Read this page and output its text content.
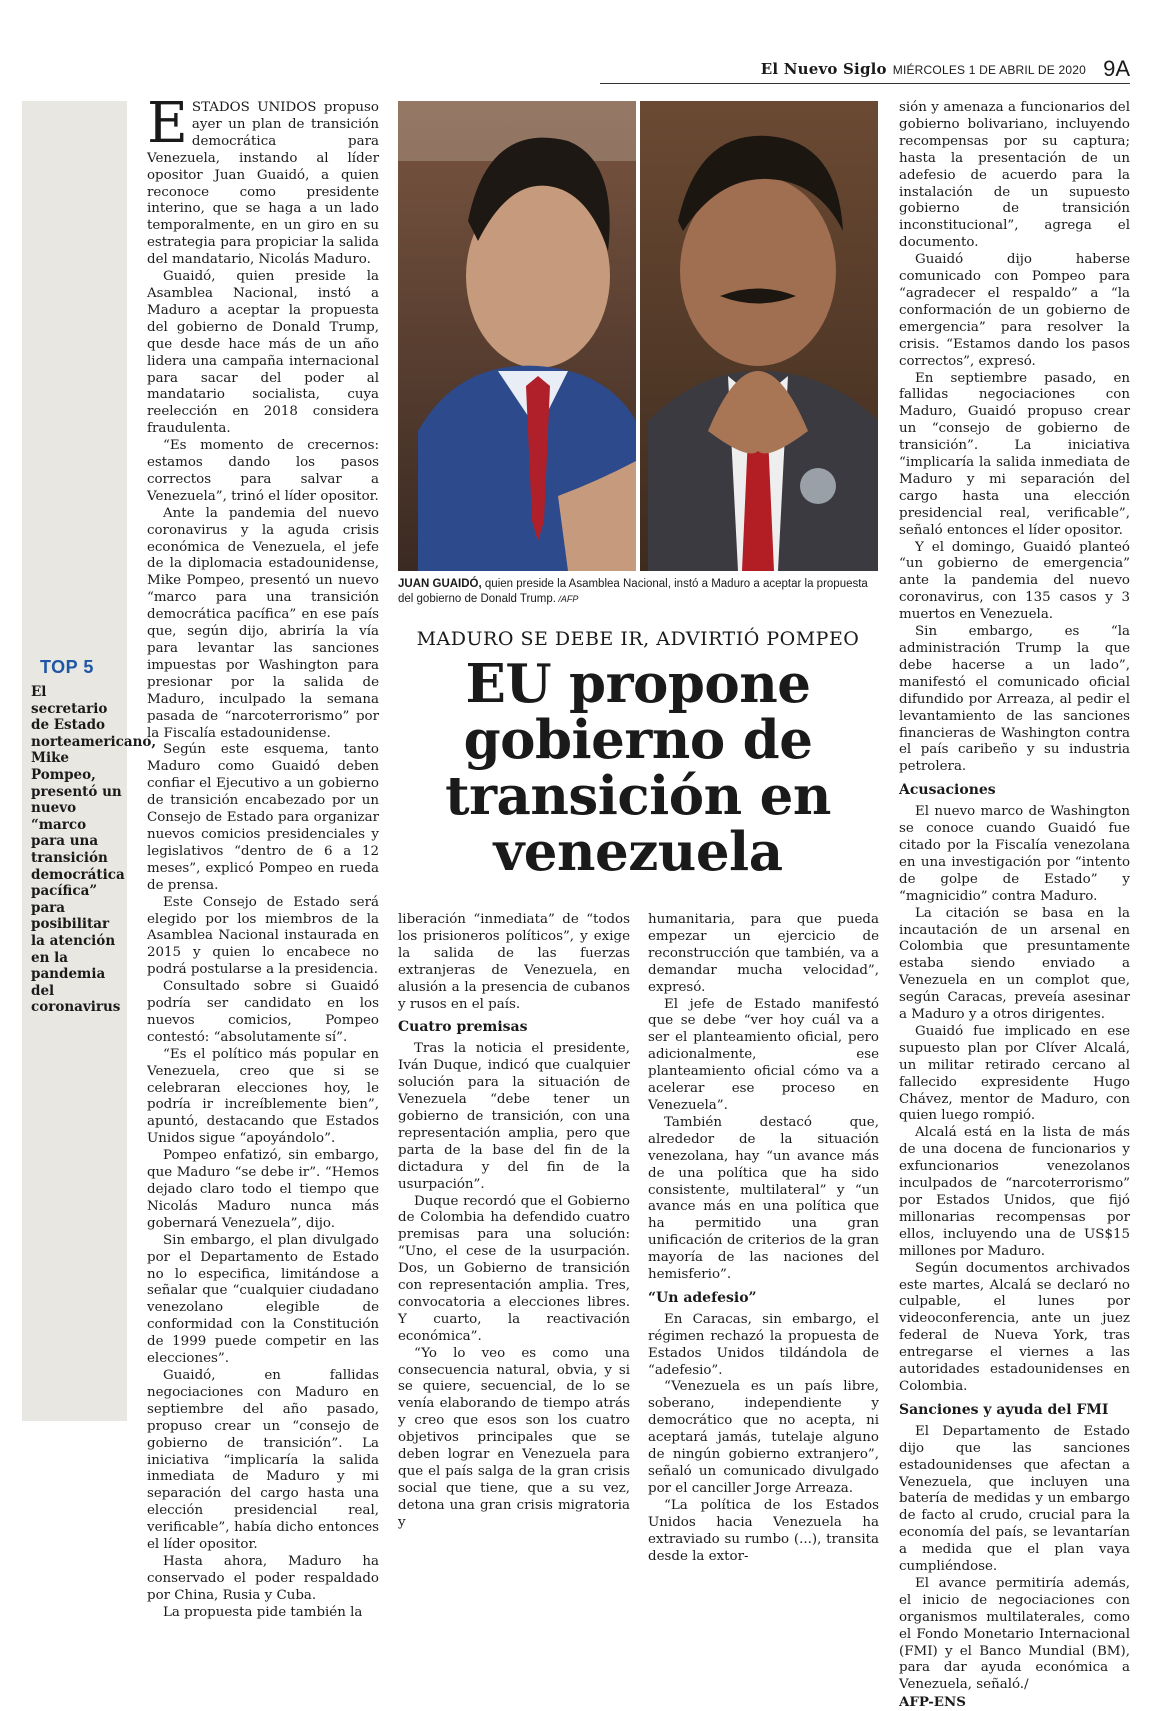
El Nuevo Siglo MIÉRCOLES 1 DE ABRIL DE 2020 9A
TOP 5
El secretario de Estado norteamericano, Mike Pompeo, presentó un nuevo “marco para una transición democrática pacífica” para posibilitar la atención en la pandemia del coronavirus
E STADOS UNIDOS propuso ayer un plan de transición democrática para Venezuela, instando al líder opositor Juan Guaidó, a quien reconoce como presidente interino, que se haga a un lado temporalmente, en un giro en su estrategia para propiciar la salida del mandatario, Nicolás Maduro.

Guaidó, quien preside la Asamblea Nacional, instó a Maduro a aceptar la propuesta del gobierno de Donald Trump, que desde hace más de un año lidera una campaña internacional para sacar del poder al mandatario socialista, cuya reelección en 2018 considera fraudulenta.

“Es momento de crecernos: estamos dando los pasos correctos para salvar a Venezuela”, trinó el líder opositor.

Ante la pandemia del nuevo coronavirus y la aguda crisis económica de Venezuela, el jefe de la diplomacia estadounidense, Mike Pompeo, presentó un nuevo “marco para una transición democrática pacífica” en ese país que, según dijo, abriría la vía para levantar las sanciones impuestas por Washington para presionar por la salida de Maduro, inculpado la semana pasada de “narcoterrorismo” por la Fiscalía estadounidense.

Según este esquema, tanto Maduro como Guaidó deben confiar el Ejecutivo a un gobierno de transición encabezado por un Consejo de Estado para organizar nuevos comicios presidenciales y legislativos “dentro de 6 a 12 meses”, explicó Pompeo en rueda de prensa.

Este Consejo de Estado será elegido por los miembros de la Asamblea Nacional instaurada en 2015 y quien lo encabece no podrá postularse a la presidencia.

Consultado sobre si Guaidó podría ser candidato en los nuevos comicios, Pompeo contestó: “absolutamente sí”.

“Es el político más popular en Venezuela, creo que si se celebraran elecciones hoy, le podría ir increíblemente bien”, apuntó, destacando que Estados Unidos sigue “apoyándolo”.

Pompeo enfatizó, sin embargo, que Maduro “se debe ir”. “Hemos dejado claro todo el tiempo que Nicolás Maduro nunca más gobernará Venezuela”, dijo.

Sin embargo, el plan divulgado por el Departamento de Estado no lo especifica, limitándose a señalar que “cualquier ciudadano venezolano elegible de conformidad con la Constitución de 1999 puede competir en las elecciones”.

Guaidó, en fallidas negociaciones con Maduro en septiembre del año pasado, propuso crear un “consejo de gobierno de transición”. La iniciativa “implicaría la salida inmediata de Maduro y mi separación del cargo hasta una elección presidencial real, verificable”, había dicho entonces el líder opositor.

Hasta ahora, Maduro ha conservado el poder respaldado por China, Rusia y Cuba.

La propuesta pide también la

JUAN GUAIDÓ, quien preside la Asamblea Nacional, instó a Maduro a aceptar la propuesta del gobierno de Donald Trump. /AFP
MADURO SE DEBE IR, ADVIRTIÓ POMPEO
EU propone gobierno de transición en venezuela

liberación “inmediata” de “todos los prisioneros políticos”, y exige la salida de las fuerzas extranjeras de Venezuela, en alusión a la presencia de cubanos y rusos en el país.

Cuatro premisas

Tras la noticia el presidente, Iván Duque, indicó que cualquier solución para la situación de Venezuela “debe tener un gobierno de transición, con una representación amplia, pero que parta de la base del fin de la dictadura y del fin de la usurpación”.

Duque recordó que el Gobierno de Colombia ha defendido cuatro premisas para una solución: “Uno, el cese de la usurpación. Dos, un Gobierno de transición con representación amplia. Tres, convocatoria a elecciones libres. Y cuarto, la reactivación económica”.

“Yo lo veo es como una consecuencia natural, obvia, y si se quiere, secuencial, de lo se venía elaborando de tiempo atrás y creo que esos son los cuatro objetivos principales que se deben lograr en Venezuela para que el país salga de la gran crisis social que tiene, que a su vez, detona una gran crisis migratoria y

humanitaria, para que pueda empezar un ejercicio de reconstrucción que también, va a demandar mucha velocidad”, expresó.

El jefe de Estado manifestó que se debe “ver hoy cuál va a ser el planteamiento oficial, pero adicionalmente, ese planteamiento oficial cómo va a acelerar ese proceso en Venezuela”.

También destacó que, alrededor de la situación venezolana, hay “un avance más de una política que ha sido consistente, multilateral” y “un avance más en una política que ha permitido una gran unificación de criterios de la gran mayoría de las naciones del hemisferio”.

“Un adefesio”

En Caracas, sin embargo, el régimen rechazó la propuesta de Estados Unidos tildándola de “adefesio”.

“Venezuela es un país libre, soberano, independiente y democrático que no acepta, ni aceptará jamás, tutelaje alguno de ningún gobierno extranjero”, señaló un comunicado divulgado por el canciller Jorge Arreaza.

“La política de los Estados Unidos hacia Venezuela ha extraviado su rumbo (...), transita desde la extor-

sión y amenaza a funcionarios del gobierno bolivariano, incluyendo recompensas por su captura; hasta la presentación de un adefesio de acuerdo para la instalación de un supuesto gobierno de transición inconstitucional”, agrega el documento.

Guaidó dijo haberse comunicado con Pompeo para “agradecer el respaldo” a “la conformación de un gobierno de emergencia” para resolver la crisis. “Estamos dando los pasos correctos”, expresó.

En septiembre pasado, en fallidas negociaciones con Maduro, Guaidó propuso crear un “consejo de gobierno de transición”. La iniciativa “implicaría la salida inmediata de Maduro y mi separación del cargo hasta una elección presidencial real, verificable”, señaló entonces el líder opositor.

Y el domingo, Guaidó planteó “un gobierno de emergencia” ante la pandemia del nuevo coronavirus, con 135 casos y 3 muertos en Venezuela.

Sin embargo, es “la administración Trump la que debe hacerse a un lado”, manifestó el comunicado oficial difundido por Arreaza, al pedir el levantamiento de las sanciones financieras de Washington contra el país caribeño y su industria petrolera.

Acusaciones

El nuevo marco de Washington se conoce cuando Guaidó fue citado por la Fiscalía venezolana en una investigación por “intento de golpe de Estado” y “magnicidio” contra Maduro.

La citación se basa en la incautación de un arsenal en Colombia que presuntamente estaba siendo enviado a Venezuela en un complot que, según Caracas, preveía asesinar a Maduro y a otros dirigentes.

Guaidó fue implicado en ese supuesto plan por Clíver Alcalá, un militar retirado cercano al fallecido expresidente Hugo Chávez, mentor de Maduro, con quien luego rompió.

Alcalá está en la lista de más de una docena de funcionarios y exfuncionarios venezolanos inculpados de “narcoterrorismo” por Estados Unidos, que fijó millonarias recompensas por ellos, incluyendo una de US$15 millones por Maduro.

Según documentos archivados este martes, Alcalá se declaró no culpable, el lunes por videoconferencia, ante un juez federal de Nueva York, tras entregarse el viernes a las autoridades estadounidenses en Colombia.

Sanciones y ayuda del FMI

El Departamento de Estado dijo que las sanciones estadounidenses que afectan a Venezuela, que incluyen una batería de medidas y un embargo de facto al crudo, crucial para la economía del país, se levantarían a medida que el plan vaya cumpliéndose.

El avance permitiría además, el inicio de negociaciones con organismos multilaterales, como el Fondo Monetario Internacional (FMI) y el Banco Mundial (BM), para dar ayuda económica a Venezuela, señaló./

AFP-ENS
